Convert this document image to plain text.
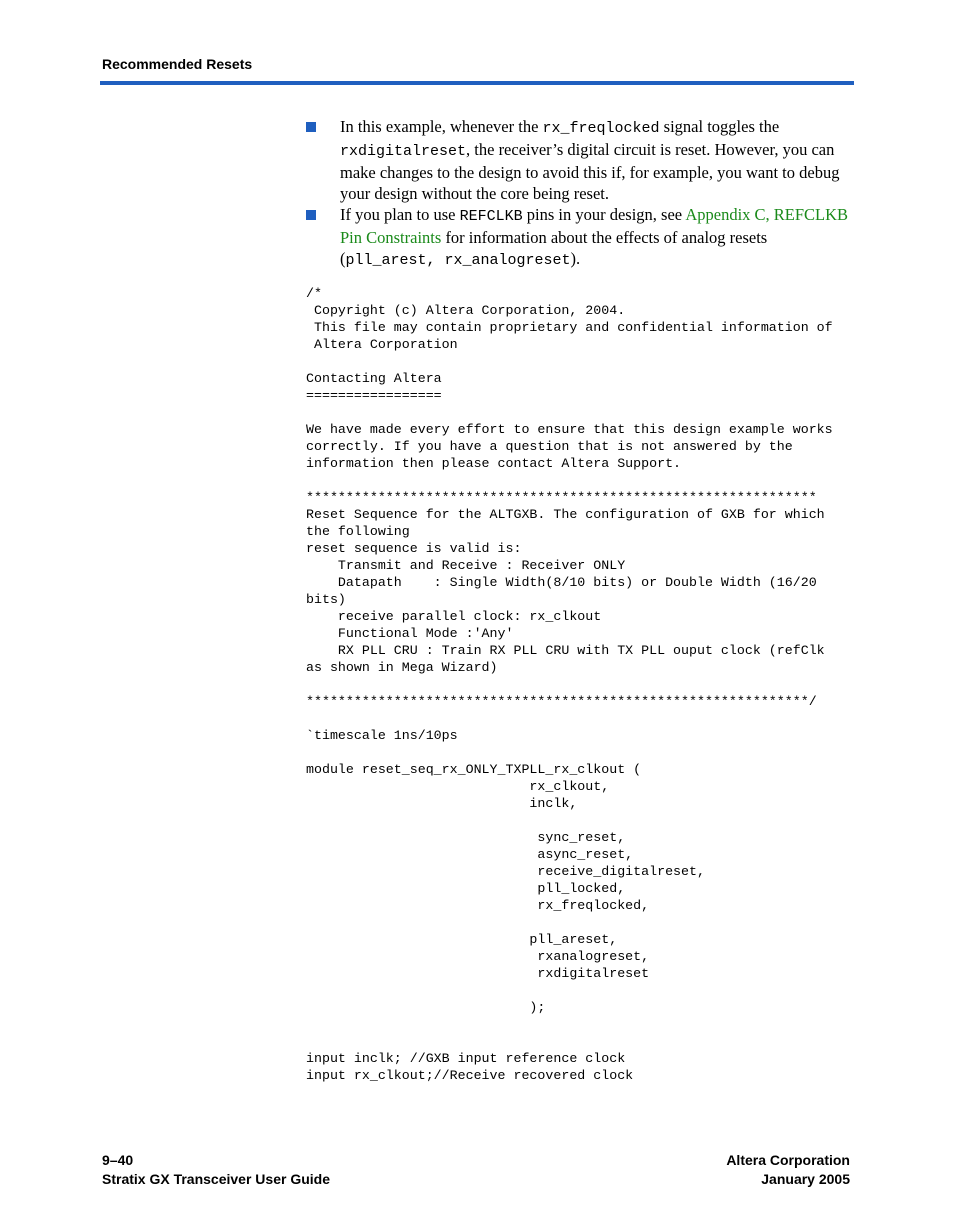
Recommended Resets
In this example, whenever the rx_freqlocked signal toggles the rxdigitalreset, the receiver’s digital circuit is reset. However, you can make changes to the design to avoid this if, for example, you want to debug your design without the core being reset.
If you plan to use REFCLKB pins in your design, see Appendix C, REFCLKB Pin Constraints for information about the effects of analog resets (pll_arest, rx_analogreset).
/*
Copyright (c) Altera Corporation, 2004.
This file may contain proprietary and confidential information of
Altera Corporation

Contacting Altera
=================

We have made every effort to ensure that this design example works
correctly. If you have a question that is not answered by the
information then please contact Altera Support.

****************************************************************
Reset Sequence for the ALTGXB. The configuration of GXB for which
the following
reset sequence is valid is:
Transmit and Receive : Receiver ONLY
Datapath    : Single Width(8/10 bits) or Double Width (16/20
bits)
receive parallel clock: rx_clkout
Functional Mode :'Any'
RX PLL CRU : Train RX PLL CRU with TX PLL ouput clock (refClk
as shown in Mega Wizard)

***************************************************************/

`timescale 1ns/10ps

module reset_seq_rx_ONLY_TXPLL_rx_clkout (
rx_clkout,
inclk,

sync_reset,
async_reset,
receive_digitalreset,
pll_locked,
rx_freqlocked,

pll_areset,
rxanalogreset,
rxdigitalreset

);

input inclk; //GXB input reference clock
input rx_clkout;//Receive recovered clock
9–40
Stratix GX Transceiver User Guide
Altera Corporation
January 2005
